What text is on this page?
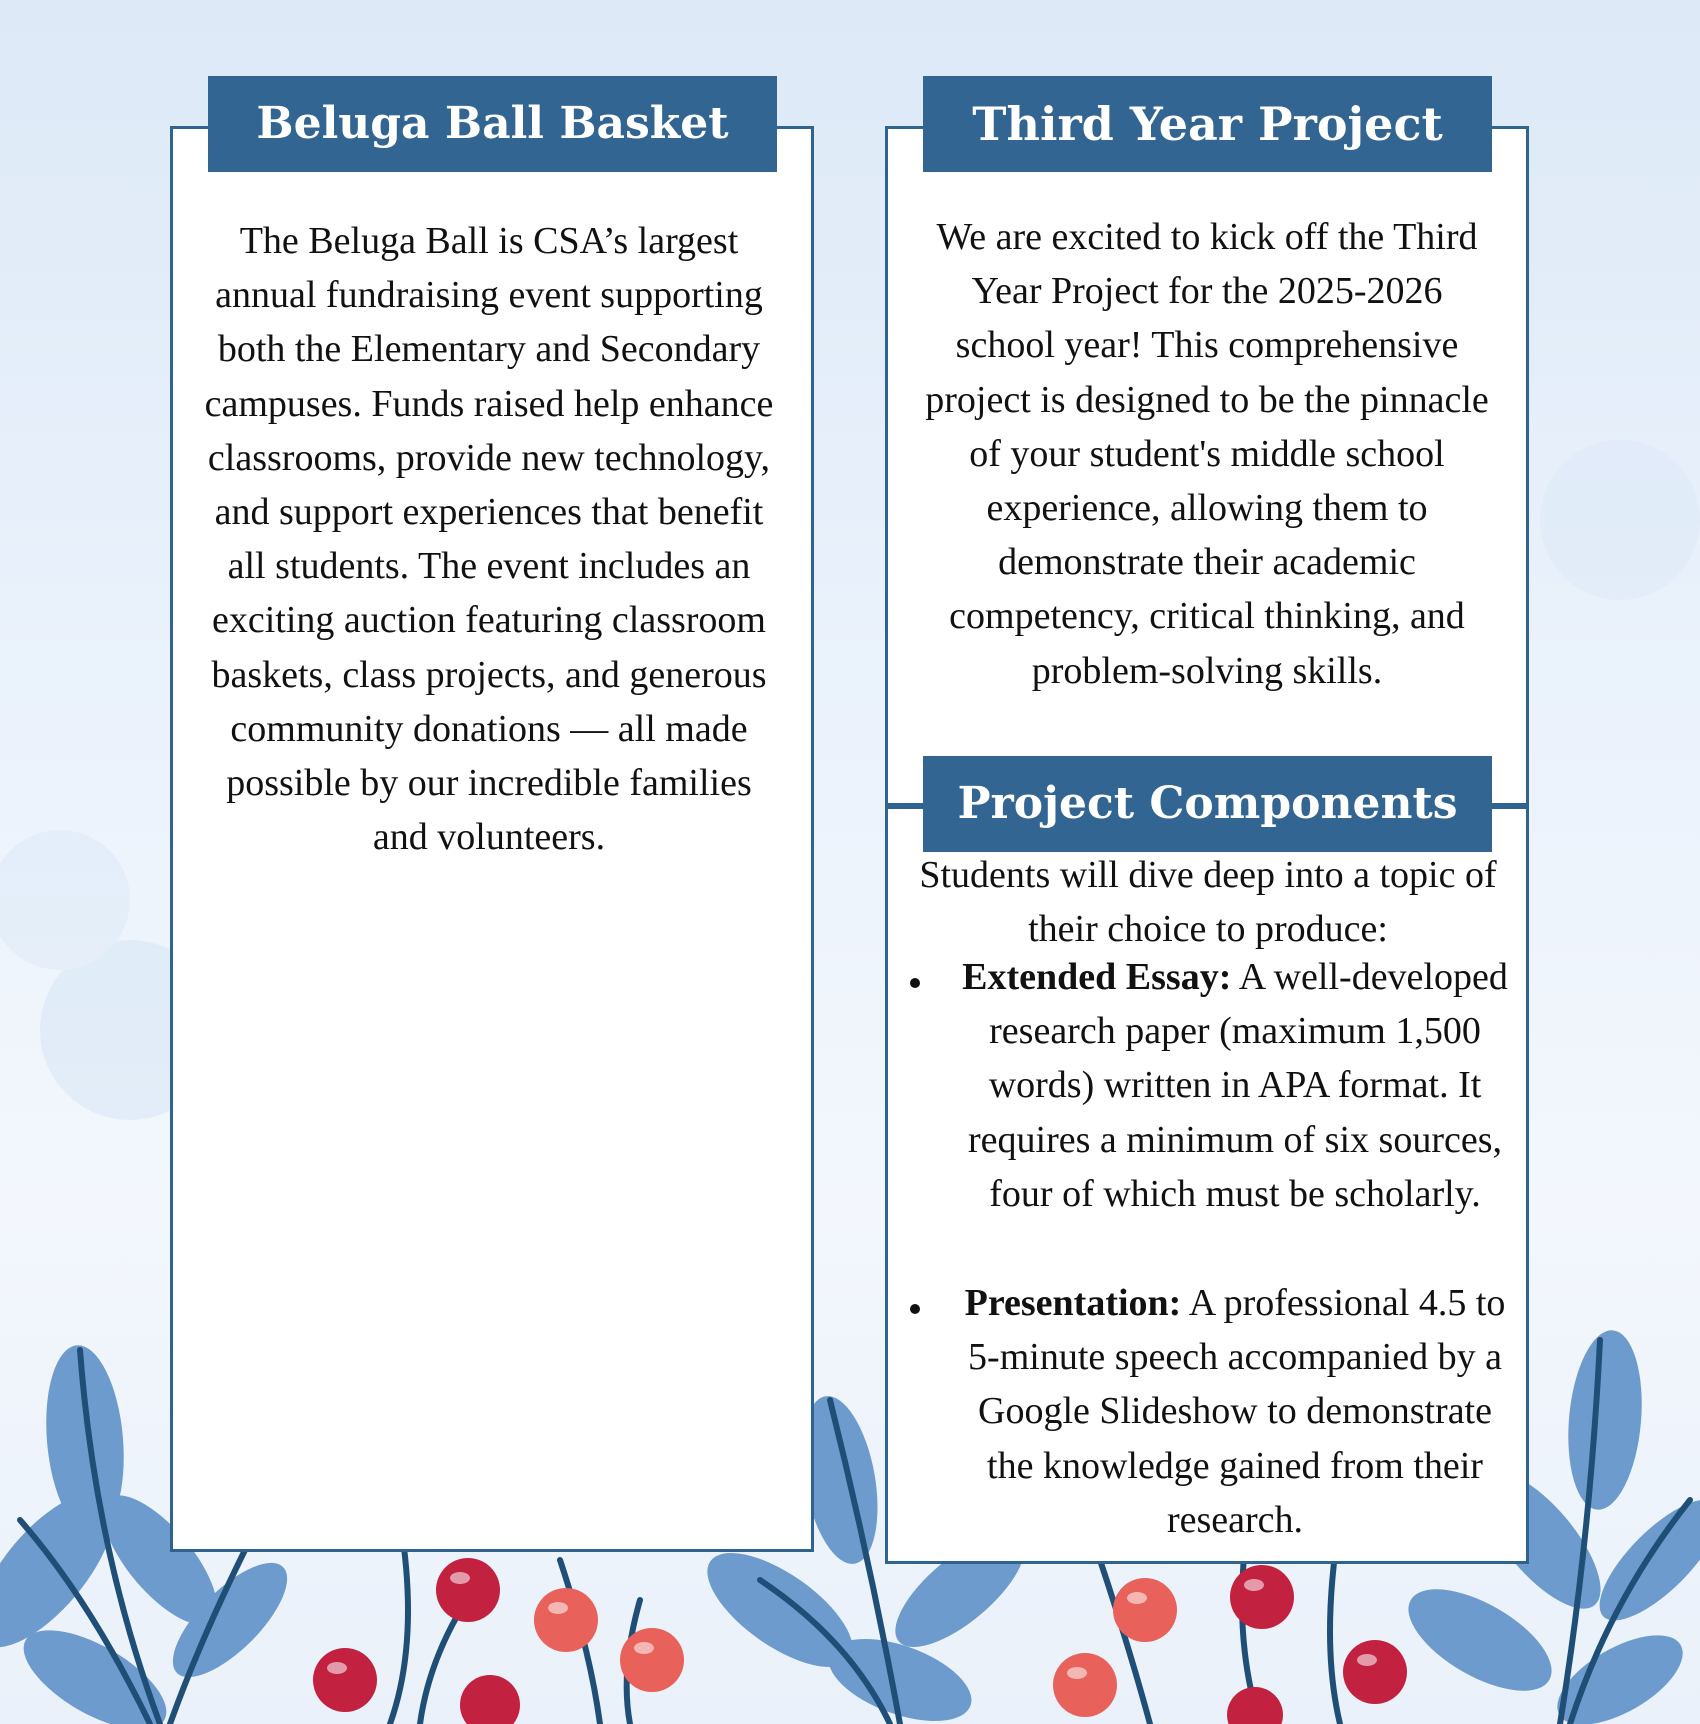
Beluga Ball Basket

The Beluga Ball is CSA’s largest annual fundraising event supporting both the Elementary and Secondary campuses. Funds raised help enhance classrooms, provide new technology, and support experiences that benefit all students. The event includes an exciting auction featuring classroom baskets, class projects, and generous community donations — all made possible by our incredible families and volunteers.

Third Year Project

We are excited to kick off the Third Year Project for the 2025-2026 school year! This comprehensive project is designed to be the pinnacle of your student's middle school experience, allowing them to demonstrate their academic competency, critical thinking, and problem-solving skills.

Project Components

Students will dive deep into a topic of their choice to produce:

Extended Essay: A well-developed research paper (maximum 1,500 words) written in APA format. It requires a minimum of six sources, four of which must be scholarly.

Presentation: A professional 4.5 to 5-minute speech accompanied by a Google Slideshow to demonstrate the knowledge gained from their research.
